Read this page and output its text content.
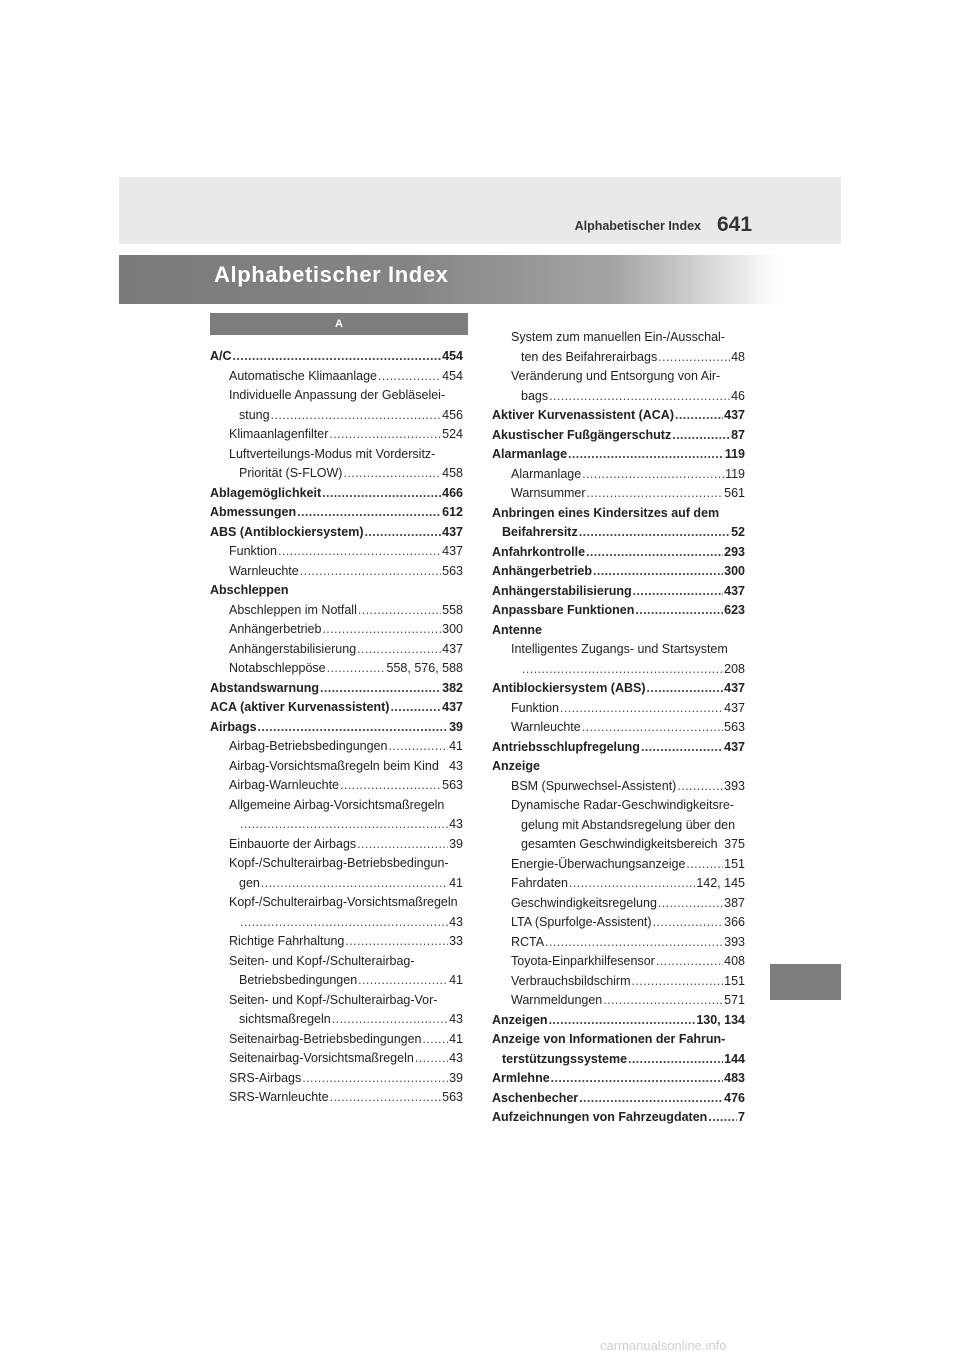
Alphabetischer Index 641
Alphabetischer Index
A
A/C .....	454
Automatische Klimaanlage .....	454
Individuelle Anpassung der Gebläselei-
stung .....	456
Klimaanlagenfilter .....	524
Luftverteilungs-Modus mit Vordersitz-
Priorität (S-FLOW) .....	458
Ablagemöglichkeit .....	466
Abmessungen .....	612
ABS (Antiblockiersystem) .....	437
Funktion .....	437
Warnleuchte .....	563
Abschleppen
Abschleppen im Notfall .....	558
Anhängerbetrieb .....	300
Anhängerstabilisierung .....	437
Notabschleppöse .....	558, 576, 588
Abstandswarnung .....	382
ACA (aktiver Kurvenassistent) .....	437
Airbags .....	39
Airbag-Betriebsbedingungen .....	41
Airbag-Vorsichtsmaßregeln beim Kind 43
Airbag-Warnleuchte .....	563
Allgemeine Airbag-Vorsichtsmaßregeln
.....
43
Einbauorte der Airbags .....	39
Kopf-/Schulterairbag-Betriebsbedingun-
gen .....	41
Kopf-/Schulterairbag-Vorsichtsmaßregeln
.....
43
Richtige Fahrhaltung .....	33
Seiten- und Kopf-/Schulterairbag-
Betriebsbedingungen .....	41
Seiten- und Kopf-/Schulterairbag-Vor-
sichtsmaßregeln .....	43
Seitenairbag-Betriebsbedingungen ..... 41
Seitenairbag-Vorsichtsmaßregeln .....	43
SRS-Airbags .....	39
SRS-Warnleuchte .....	563
System zum manuellen Ein-/Ausschal-
ten des Beifahrerairbags .....	48
Veränderung und Entsorgung von Air-
bags .....	46
Aktiver Kurvenassistent (ACA) .....	437
Akustischer Fußgängerschutz .....	87
Alarmanlage .....	119
Alarmanlage .....	119
Warnsummer .....	561
Anbringen eines Kindersitzes auf dem
Beifahrersitz .....	52
Anfahrkontrolle .....	293
Anhängerbetrieb .....	300
Anhängerstabilisierung .....	437
Anpassbare Funktionen .....	623
Antenne
Intelligentes Zugangs- und Startsystem
.....
208
Antiblockiersystem (ABS) .....	437
Funktion .....	437
Warnleuchte .....	563
Antriebsschlupfregelung .....	437
Anzeige
BSM (Spurwechsel-Assistent) .....	393
Dynamische Radar-Geschwindigkeitsre-
gelung mit Abstandsregelung über den
gesamten Geschwindigkeitsbereich 375
Energie-Überwachungsanzeige .....	151
Fahrdaten .....	142, 145
Geschwindigkeitsregelung .....	387
LTA (Spurfolge-Assistent) .....	366
RCTA .....	393
Toyota-Einparkhilfesensor .....	408
Verbrauchsbildschirm .....	151
Warnmeldungen .....	571
Anzeigen .....	130, 134
Anzeige von Informationen der Fahrun-
terstützungssysteme .....	144
Armlehne .....	483
Aschenbecher .....	476
Aufzeichnungen von Fahrzeugdaten ..... 7
carmanualsonline.info
